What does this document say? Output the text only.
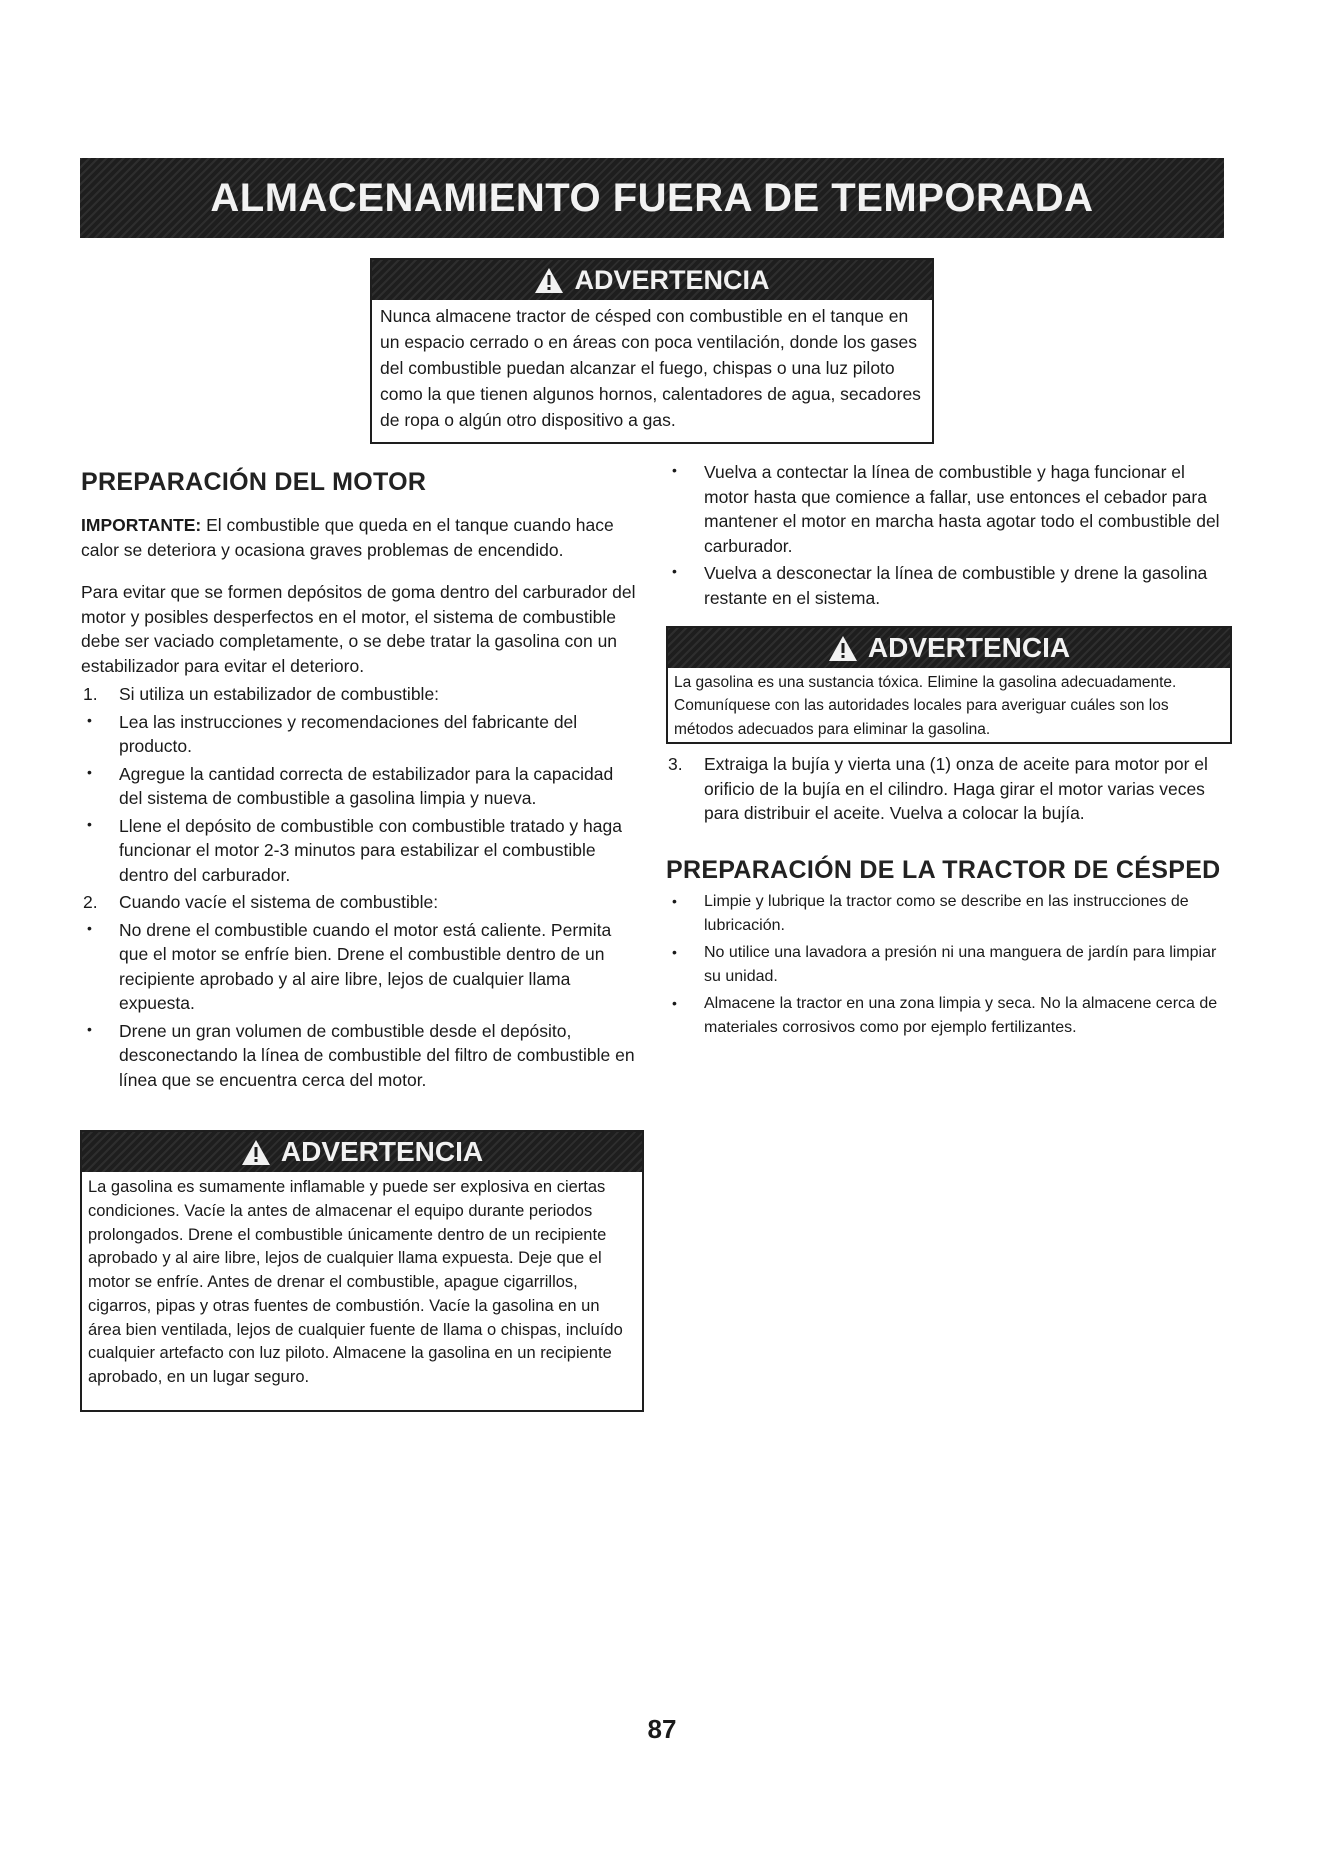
ALMACENAMIENTO FUERA DE TEMPORADA
ADVERTENCIA
Nunca almacene tractor de césped con combustible en el tanque en un espacio cerrado o en áreas con poca ventilación, donde los gases del combustible puedan alcanzar el fuego, chispas o una luz piloto como la que tienen algunos hornos, calentadores de agua, secadores de ropa o algún otro dispositivo a gas.
PREPARACIÓN DEL MOTOR

IMPORTANTE: El combustible que queda en el tanque cuando hace calor se deteriora y ocasiona graves problemas de encendido.

Para evitar que se formen depósitos de goma dentro del carburador del motor y posibles desperfectos en el motor, el sistema de combustible debe ser vaciado completamente, o se debe tratar la gasolina con un estabilizador para evitar el deterioro.

1. Si utiliza un estabilizador de combustible:
• Lea las instrucciones y recomendaciones del fabricante del producto.
• Agregue la cantidad correcta de estabilizador para la capacidad del sistema de combustible a gasolina limpia y nueva.
• Llene el depósito de combustible con combustible tratado y haga funcionar el motor 2-3 minutos para estabilizar el combustible dentro del carburador.
2. Cuando vacíe el sistema de combustible:
• No drene el combustible cuando el motor está caliente. Permita que el motor se enfríe bien. Drene el combustible dentro de un recipiente aprobado y al aire libre, lejos de cualquier llama expuesta.
• Drene un gran volumen de combustible desde el depósito, desconectando la línea de combustible del filtro de combustible en línea que se encuentra cerca del motor.
ADVERTENCIA
La gasolina es sumamente inflamable y puede ser explosiva en ciertas condiciones. Vacíe la antes de almacenar el equipo durante periodos prolongados. Drene el combustible únicamente dentro de un recipiente aprobado y al aire libre, lejos de cualquier llama expuesta. Deje que el motor se enfríe. Antes de drenar el combustible, apague cigarrillos, cigarros, pipas y otras fuentes de combustión. Vacíe la gasolina en un área bien ventilada, lejos de cualquier fuente de llama o chispas, incluído cualquier artefacto con luz piloto. Almacene la gasolina en un recipiente aprobado, en un lugar seguro.
• Vuelva a contectar la línea de combustible y haga funcionar el motor hasta que comience a fallar, use entonces el cebador para mantener el motor en marcha hasta agotar todo el combustible del carburador.
• Vuelva a desconectar la línea de combustible y drene la gasolina restante en el sistema.
ADVERTENCIA
La gasolina es una sustancia tóxica. Elimine la gasolina adecuadamente. Comuníquese con las autoridades locales para averiguar cuáles son los métodos adecuados para eliminar la gasolina.
3. Extraiga la bujía y vierta una (1) onza de aceite para motor por el orificio de la bujía en el cilindro. Haga girar el motor varias veces para distribuir el aceite. Vuelva a colocar la bujía.
PREPARACIÓN DE LA TRACTOR DE CÉSPED
• Limpie y lubrique la tractor como se describe en las instrucciones de lubricación.
• No utilice una lavadora a presión ni una manguera de jardín para limpiar su unidad.
• Almacene la tractor en una zona limpia y seca. No la almacene cerca de materiales corrosivos como por ejemplo fertilizantes.
87
